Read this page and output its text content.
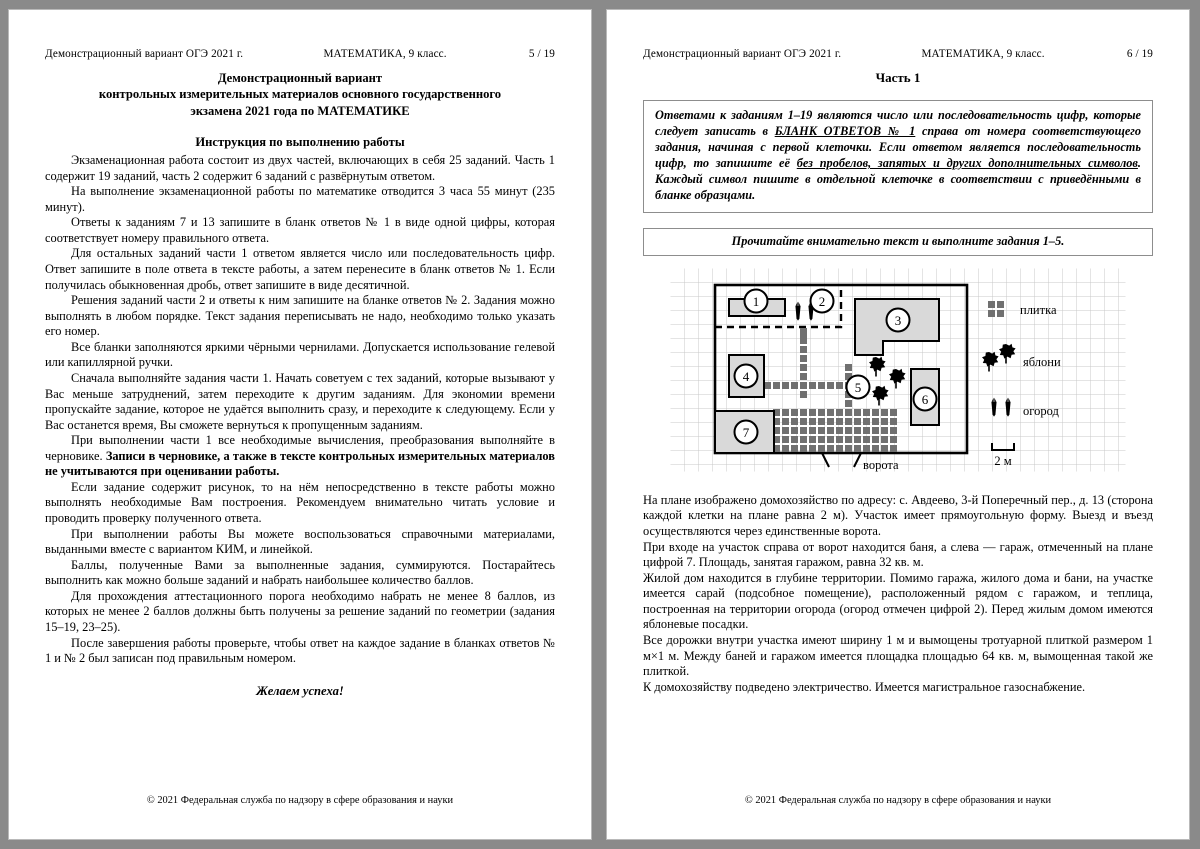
Демонстрационный вариант ОГЭ 2021 г.	МАТЕМАТИКА, 9 класс.	5 / 19
Демонстрационный вариант
контрольных измерительных материалов основного государственного
экзамена 2021 года по МАТЕМАТИКЕ
Инструкция по выполнению работы

Экзаменационная работа состоит из двух частей, включающих в себя 25 заданий. Часть 1 содержит 19 заданий, часть 2 содержит 6 заданий с развёрнутым ответом.

На выполнение экзаменационной работы по математике отводится 3 часа 55 минут (235 минут).

Ответы к заданиям 7 и 13 запишите в бланк ответов № 1 в виде одной цифры, которая соответствует номеру правильного ответа.

Для остальных заданий части 1 ответом является число или последовательность цифр. Ответ запишите в поле ответа в тексте работы, а затем перенесите в бланк ответов № 1. Если получилась обыкновенная дробь, ответ запишите в виде десятичной.

Решения заданий части 2 и ответы к ним запишите на бланке ответов № 2. Задания можно выполнять в любом порядке. Текст задания переписывать не надо, необходимо только указать его номер.

Все бланки заполняются яркими чёрными чернилами. Допускается использование гелевой или капиллярной ручки.

Сначала выполняйте задания части 1. Начать советуем с тех заданий, которые вызывают у Вас меньше затруднений, затем переходите к другим заданиям. Для экономии времени пропускайте задание, которое не удаётся выполнить сразу, и переходите к следующему. Если у Вас останется время, Вы сможете вернуться к пропущенным заданиям.

При выполнении части 1 все необходимые вычисления, преобразования выполняйте в черновике. Записи в черновике, а также в тексте контрольных измерительных материалов не учитываются при оценивании работы.

Если задание содержит рисунок, то на нём непосредственно в тексте работы можно выполнять необходимые Вам построения. Рекомендуем внимательно читать условие и проводить проверку полученного ответа.

При выполнении работы Вы можете воспользоваться справочными материалами, выданными вместе с вариантом КИМ, и линейкой.

Баллы, полученные Вами за выполненные задания, суммируются. Постарайтесь выполнить как можно больше заданий и набрать наибольшее количество баллов.

Для прохождения аттестационного порога необходимо набрать не менее 8 баллов, из которых не менее 2 баллов должны быть получены за решение заданий по геометрии (задания 15–19, 23–25).

После завершения работы проверьте, чтобы ответ на каждое задание в бланках ответов № 1 и № 2 был записан под правильным номером.

Желаем успеха!
© 2021 Федеральная служба по надзору в сфере образования и науки
Демонстрационный вариант ОГЭ 2021 г.	МАТЕМАТИКА, 9 класс.	6 / 19
Часть 1
Ответами к заданиям 1–19 являются число или последовательность цифр, которые следует записать в БЛАНК ОТВЕТОВ № 1 справа от номера соответствующего задания, начиная с первой клеточки. Если ответом является последовательность цифр, то запишите её без пробелов, запятых и других дополнительных символов. Каждый символ пишите в отдельной клеточке в соответствии с приведёнными в бланке образцами.
Прочитайте внимательно текст и выполните задания 1–5.
1	2
3
4
5
6
7
ворота
плитка
яблони
огород
2 м

На плане изображено домохозяйство по адресу: с. Авдеево, 3-й Поперечный пер., д. 13 (сторона каждой клетки на плане равна 2 м). Участок имеет прямоугольную форму. Выезд и въезд осуществляются через единственные ворота.

При входе на участок справа от ворот находится баня, а слева — гараж, отмеченный на плане цифрой 7. Площадь, занятая гаражом, равна 32 кв. м.

Жилой дом находится в глубине территории. Помимо гаража, жилого дома и бани, на участке имеется сарай (подсобное помещение), расположенный рядом с гаражом, и теплица, построенная на территории огорода (огород отмечен цифрой 2). Перед жилым домом имеются яблоневые посадки.

Все дорожки внутри участка имеют ширину 1 м и вымощены тротуарной плиткой размером 1 м×1 м. Между баней и гаражом имеется площадка площадью 64 кв. м, вымощенная такой же плиткой.

К домохозяйству подведено электричество. Имеется магистральное газоснабжение.

© 2021 Федеральная служба по надзору в сфере образования и науки
